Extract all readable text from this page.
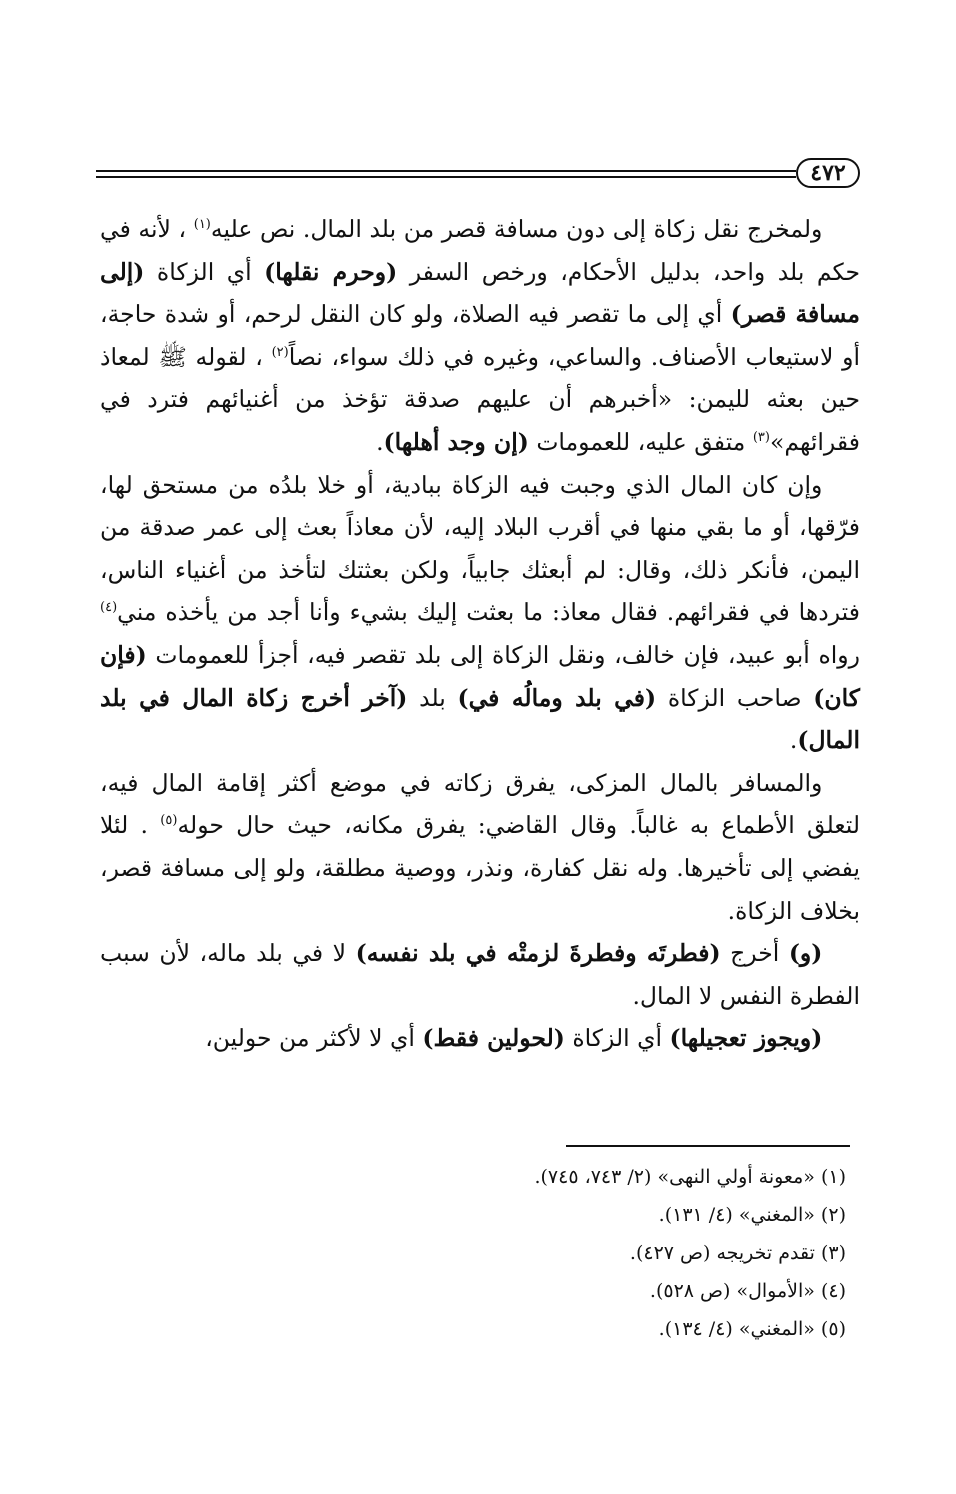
٤٧٢

ولمخرج نقل زكاة إلى دون مسافة قصر من بلد المال. نص عليه$^{(١)}$ ، لأنه في حكم بلد واحد، بدليل الأحكام، ورخص السفر (وحرم نقلها) أي الزكاة (إلى مسافة قصر) أي إلى ما تقصر فيه الصلاة، ولو كان النقل لرحم، أو شدة حاجة، أو لاستيعاب الأصناف. والساعي، وغيره في ذلك سواء، نصاً$^{(٢)}$ ، لقوله ﷺ لمعاذ حين بعثه لليمن: «أخبرهم أن عليهم صدقة تؤخذ من أغنيائهم فترد في فقرائهم»$^{(٣)}$ متفق عليه، للعمومات (إن وجد أهلها).

وإن كان المال الذي وجبت فيه الزكاة ببادية، أو خلا بلدُه من مستحق لها، فرّقها، أو ما بقي منها في أقرب البلاد إليه، لأن معاذاً بعث إلى عمر صدقة من اليمن، فأنكر ذلك، وقال: لم أبعثك جابياً، ولكن بعثتك لتأخذ من أغنياء الناس، فتردها في فقرائهم. فقال معاذ: ما بعثت إليك بشيء وأنا أجد من يأخذه مني$^{(٤)}$ رواه أبو عبيد، فإن خالف، ونقل الزكاة إلى بلد تقصر فيه، أجزأ للعمومات (فإن كان) صاحب الزكاة (في بلد ومالُه في) بلد (آخر أخرج زكاة المال في بلد المال).

والمسافر بالمال المزكى، يفرق زكاته في موضع أكثر إقامة المال فيه، لتعلق الأطماع به غالباً. وقال القاضي: يفرق مكانه، حيث حال حوله$^{(٥)}$ . لئلا يفضي إلى تأخيرها. وله نقل كفارة، ونذر، ووصية مطلقة، ولو إلى مسافة قصر، بخلاف الزكاة.

(و) أخرج (فطرتَه وفطرةَ لزمتْه في بلد نفسه) لا في بلد ماله، لأن سبب الفطرة النفس لا المال.

(ويجوز تعجيلها) أي الزكاة (لحولين فقط) أي لا لأكثر من حولين،

(١) «معونة أولي النهى» (٢/ ٧٤٣، ٧٤٥).

(٢) «المغني» (٤/ ١٣١).

(٣) تقدم تخريجه (ص ٤٢٧).

(٤) «الأموال» (ص ٥٢٨).

(٥) «المغني» (٤/ ١٣٤).
